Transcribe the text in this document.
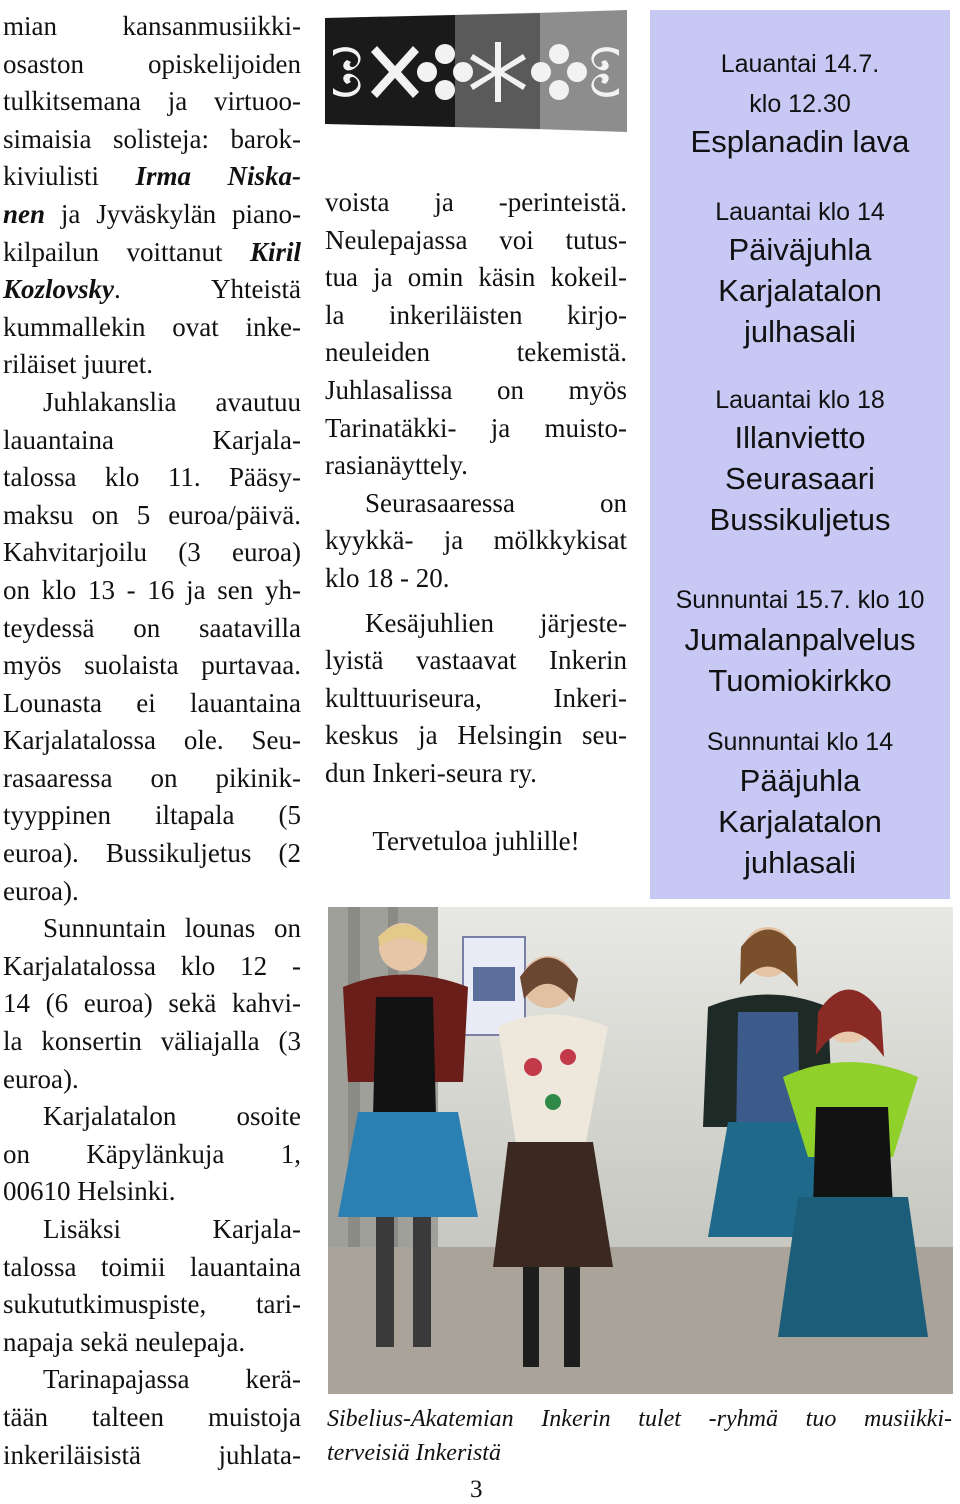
mian kansanmusiikki-
osaston opiskelijoiden
tulkitsemana ja virtuoo-
simaisia solisteja: barok-
kiviulisti Irma Niska-
nen ja Jyväskylän piano-
kilpailun voittanut Kiril
Kozlovsky. Yhteistä
kummallekin ovat inke-
riläiset juuret.
Juhlakanslia avautuu
lauantaina Karjala-
talossa klo 11. Pääsy-
maksu on 5 euroa/päivä.
Kahvitarjoilu (3 euroa)
on klo 13 - 16 ja sen yh-
teydessä on saatavilla
myös suolaista purtavaa.
Lounasta ei lauantaina
Karjalatalossa ole. Seu-
rasaaressa on pikinik-
tyyppinen iltapala (5
euroa). Bussikuljetus (2
euroa).
Sunnuntain lounas on
Karjalatalossa klo 12 -
14 (6 euroa) sekä kahvi-
la konsertin väliajalla (3
euroa).
Karjalatalon osoite
on Käpylänkuja 1,
00610 Helsinki.
Lisäksi Karjala-
talossa toimii lauantaina
sukututkimuspiste, tari-
napaja sekä neulepaja.
Tarinapajassa kerä-
tään talteen muistoja
inkeriläisistä juhlata-
voista ja -perinteistä.
Neulepajassa voi tutus-
tua ja omin käsin kokeil-
la inkeriläisten kirjo-
neuleiden tekemistä.
Juhlasalissa on myös
Tarinatäkki- ja muisto-
rasianäyttely.
Seurasaaressa on
kyykkä- ja mölkkykisat
klo 18 - 20.
Kesäjuhlien järjeste-
lyistä vastaavat Inkerin
kulttuuriseura, Inkeri-
keskus ja Helsingin seu-
dun Inkeri-seura ry.
Tervetuloa juhlille!
Lauantai 14.7.
klo 12.30
Esplanadin lava
Lauantai klo 14
Päiväjuhla
Karjalatalon
julhasali
Lauantai klo 18
Illanvietto
Seurasaari
Bussikuljetus
Sunnuntai 15.7. klo 10
Jumalanpalvelus
Tuomiokirkko
Sunnuntai klo 14
Pääjuhla
Karjalatalon
juhlasali
Sibelius-Akatemian Inkerin tulet -ryhmä tuo musiikki-
terveisiä Inkeristä
3
